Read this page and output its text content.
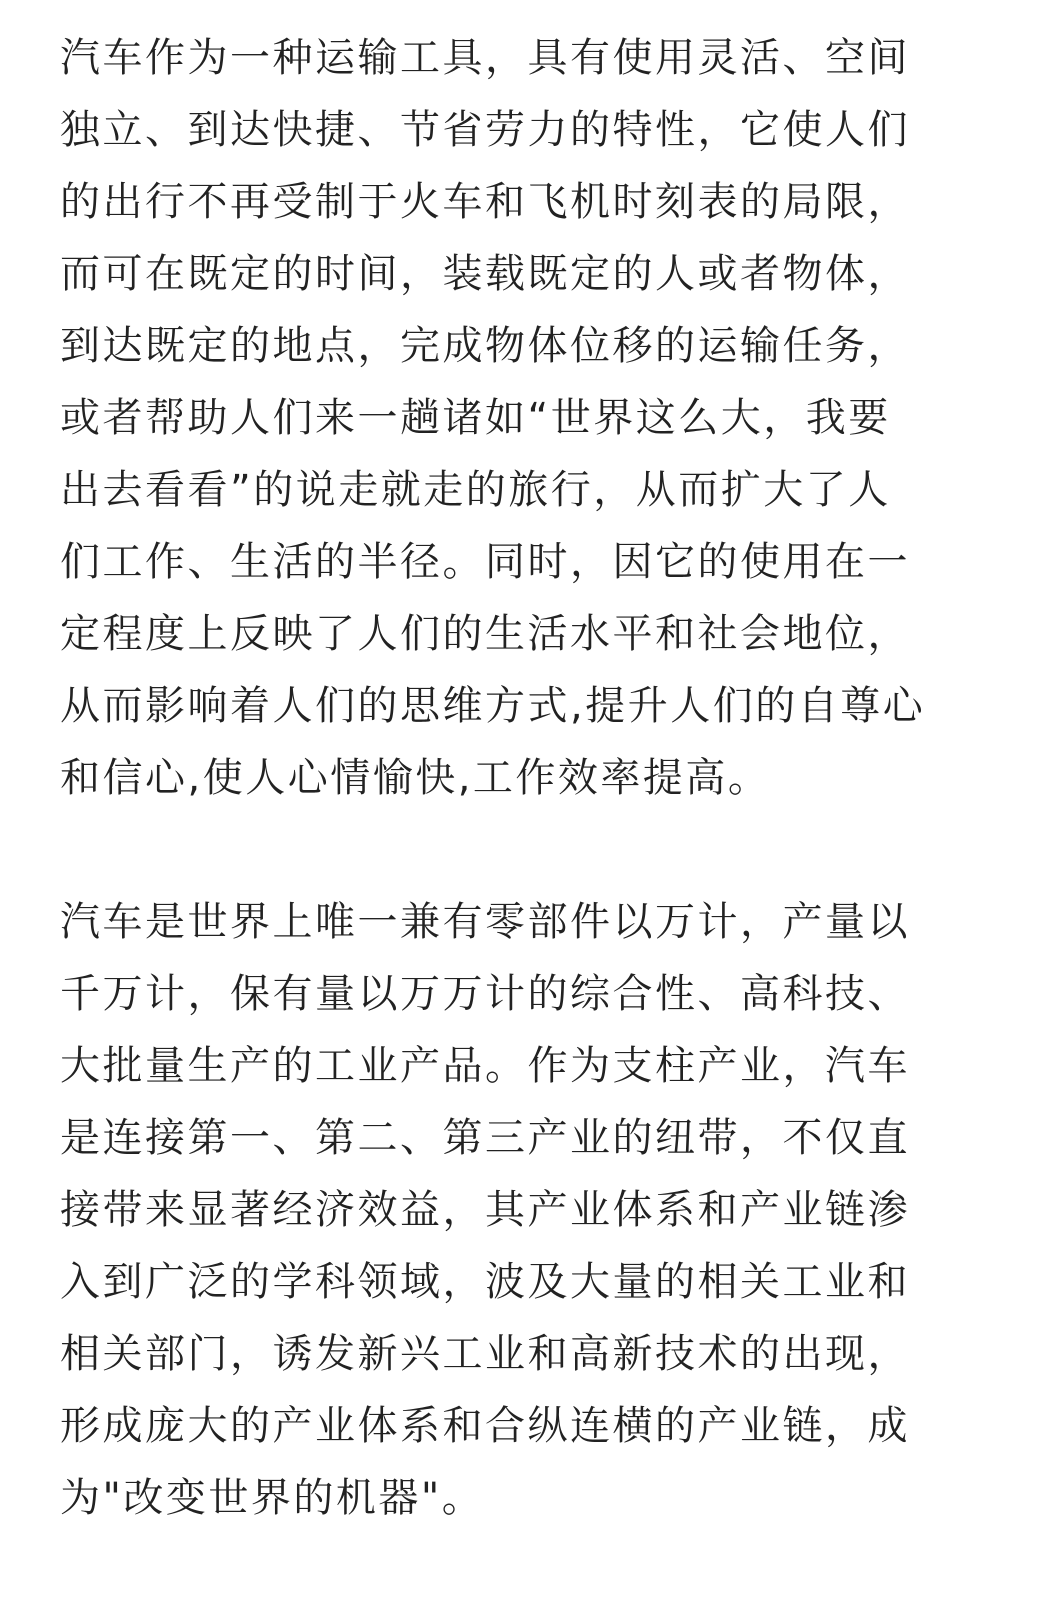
汽车作为一种运输工具，具有使用灵活、空间
独立、到达快捷、节省劳力的特性，它使人们
的出行不再受制于火车和飞机时刻表的局限，
而可在既定的时间，装载既定的人或者物体，
到达既定的地点，完成物体位移的运输任务，
或者帮助人们来一趟诸如“世界这么大，我要
出去看看”的说走就走的旅行，从而扩大了人
们工作、生活的半径。同时，因它的使用在一
定程度上反映了人们的生活水平和社会地位，
从而影响着人们的思维方式,提升人们的自尊心
和信心,使人心情愉快,工作效率提高。
汽车是世界上唯一兼有零部件以万计，产量以
千万计，保有量以万万计的综合性、高科技、
大批量生产的工业产品。作为支柱产业，汽车
是连接第一、第二、第三产业的纽带，不仅直
接带来显著经济效益，其产业体系和产业链渗
入到广泛的学科领域，波及大量的相关工业和
相关部门，诱发新兴工业和高新技术的出现，
形成庞大的产业体系和合纵连横的产业链，成
为"改变世界的机器"。
